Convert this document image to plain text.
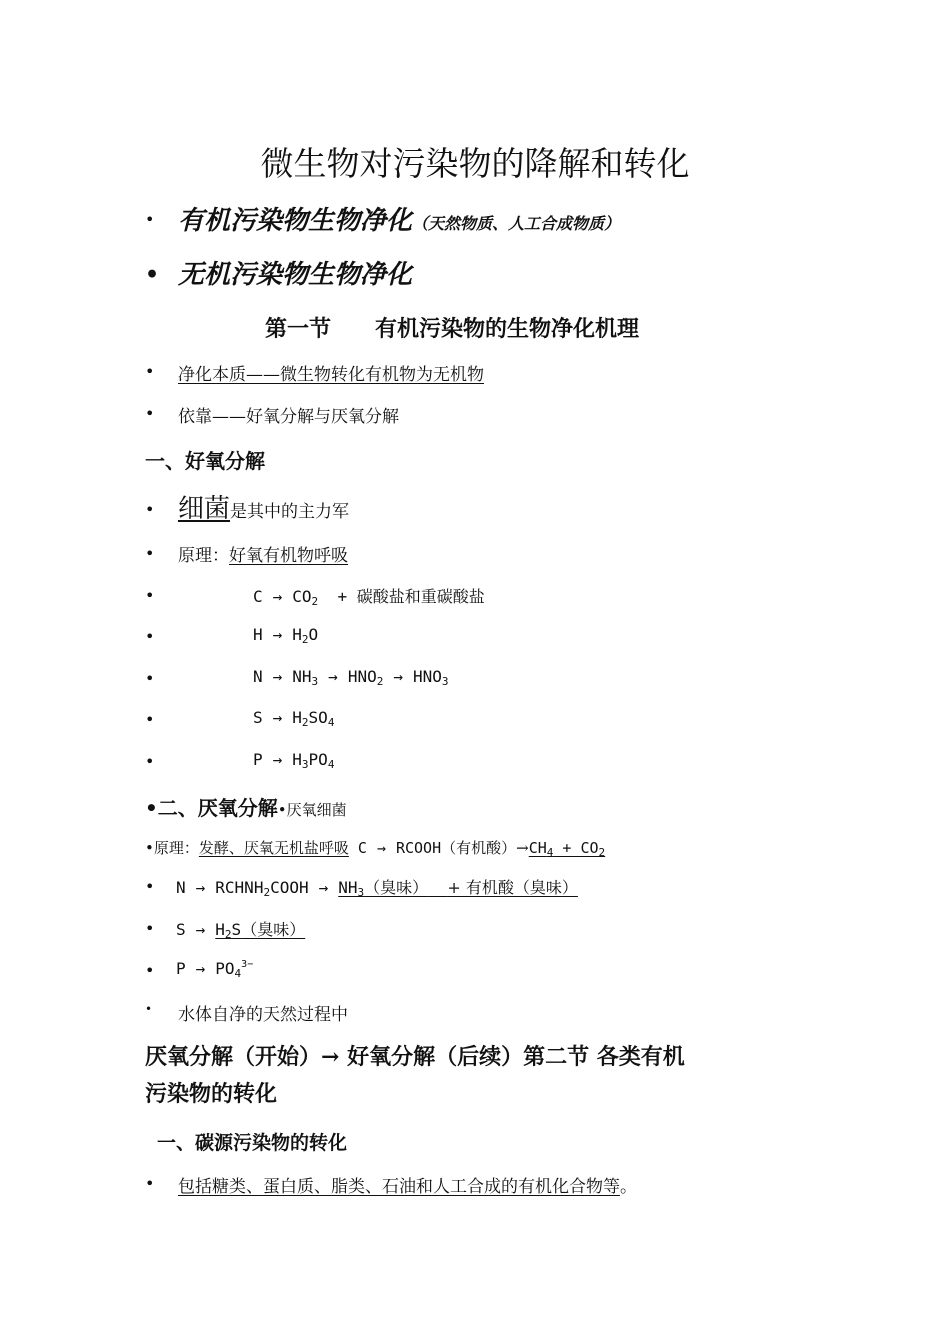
微生物对污染物的降解和转化
• 有机污染物生物净化（天然物质、人工合成物质）
• 无机污染物生物净化
第一节　　有机污染物的生物净化机理
• 净化本质——微生物转化有机物为无机物
• 依靠——好氧分解与厌氧分解
一、好氧分解
• 细菌是其中的主力军
• 原理：好氧有机物呼吸
•	$C \to CO_2$  + 碳酸盐和重碳酸盐
•	$H \to H_2O$
•	$N \to NH_3 \to HNO_2 \to HNO_3$
•	$S \to H_2SO_4$
•	$P \to H_3PO_4$
•二、厌氧分解•厌氧细菌
•原理：发酵、厌氧无机盐呼吸 C → RCOOH（有机酸）$\to CH_4 + CO_2$
• $N \to RCHNH_2COOH \to NH_3$（臭味） + 有机酸（臭味）
• $S \to H_2S$（臭味）
• $P \to PO_4^{3-}$
• 水体自净的天然过程中
厌氧分解（开始）→ 好氧分解（后续）第二节 各类有机
污染物的转化
一、碳源污染物的转化
• 包括糖类、蛋白质、脂类、石油和人工合成的有机化合物等。
